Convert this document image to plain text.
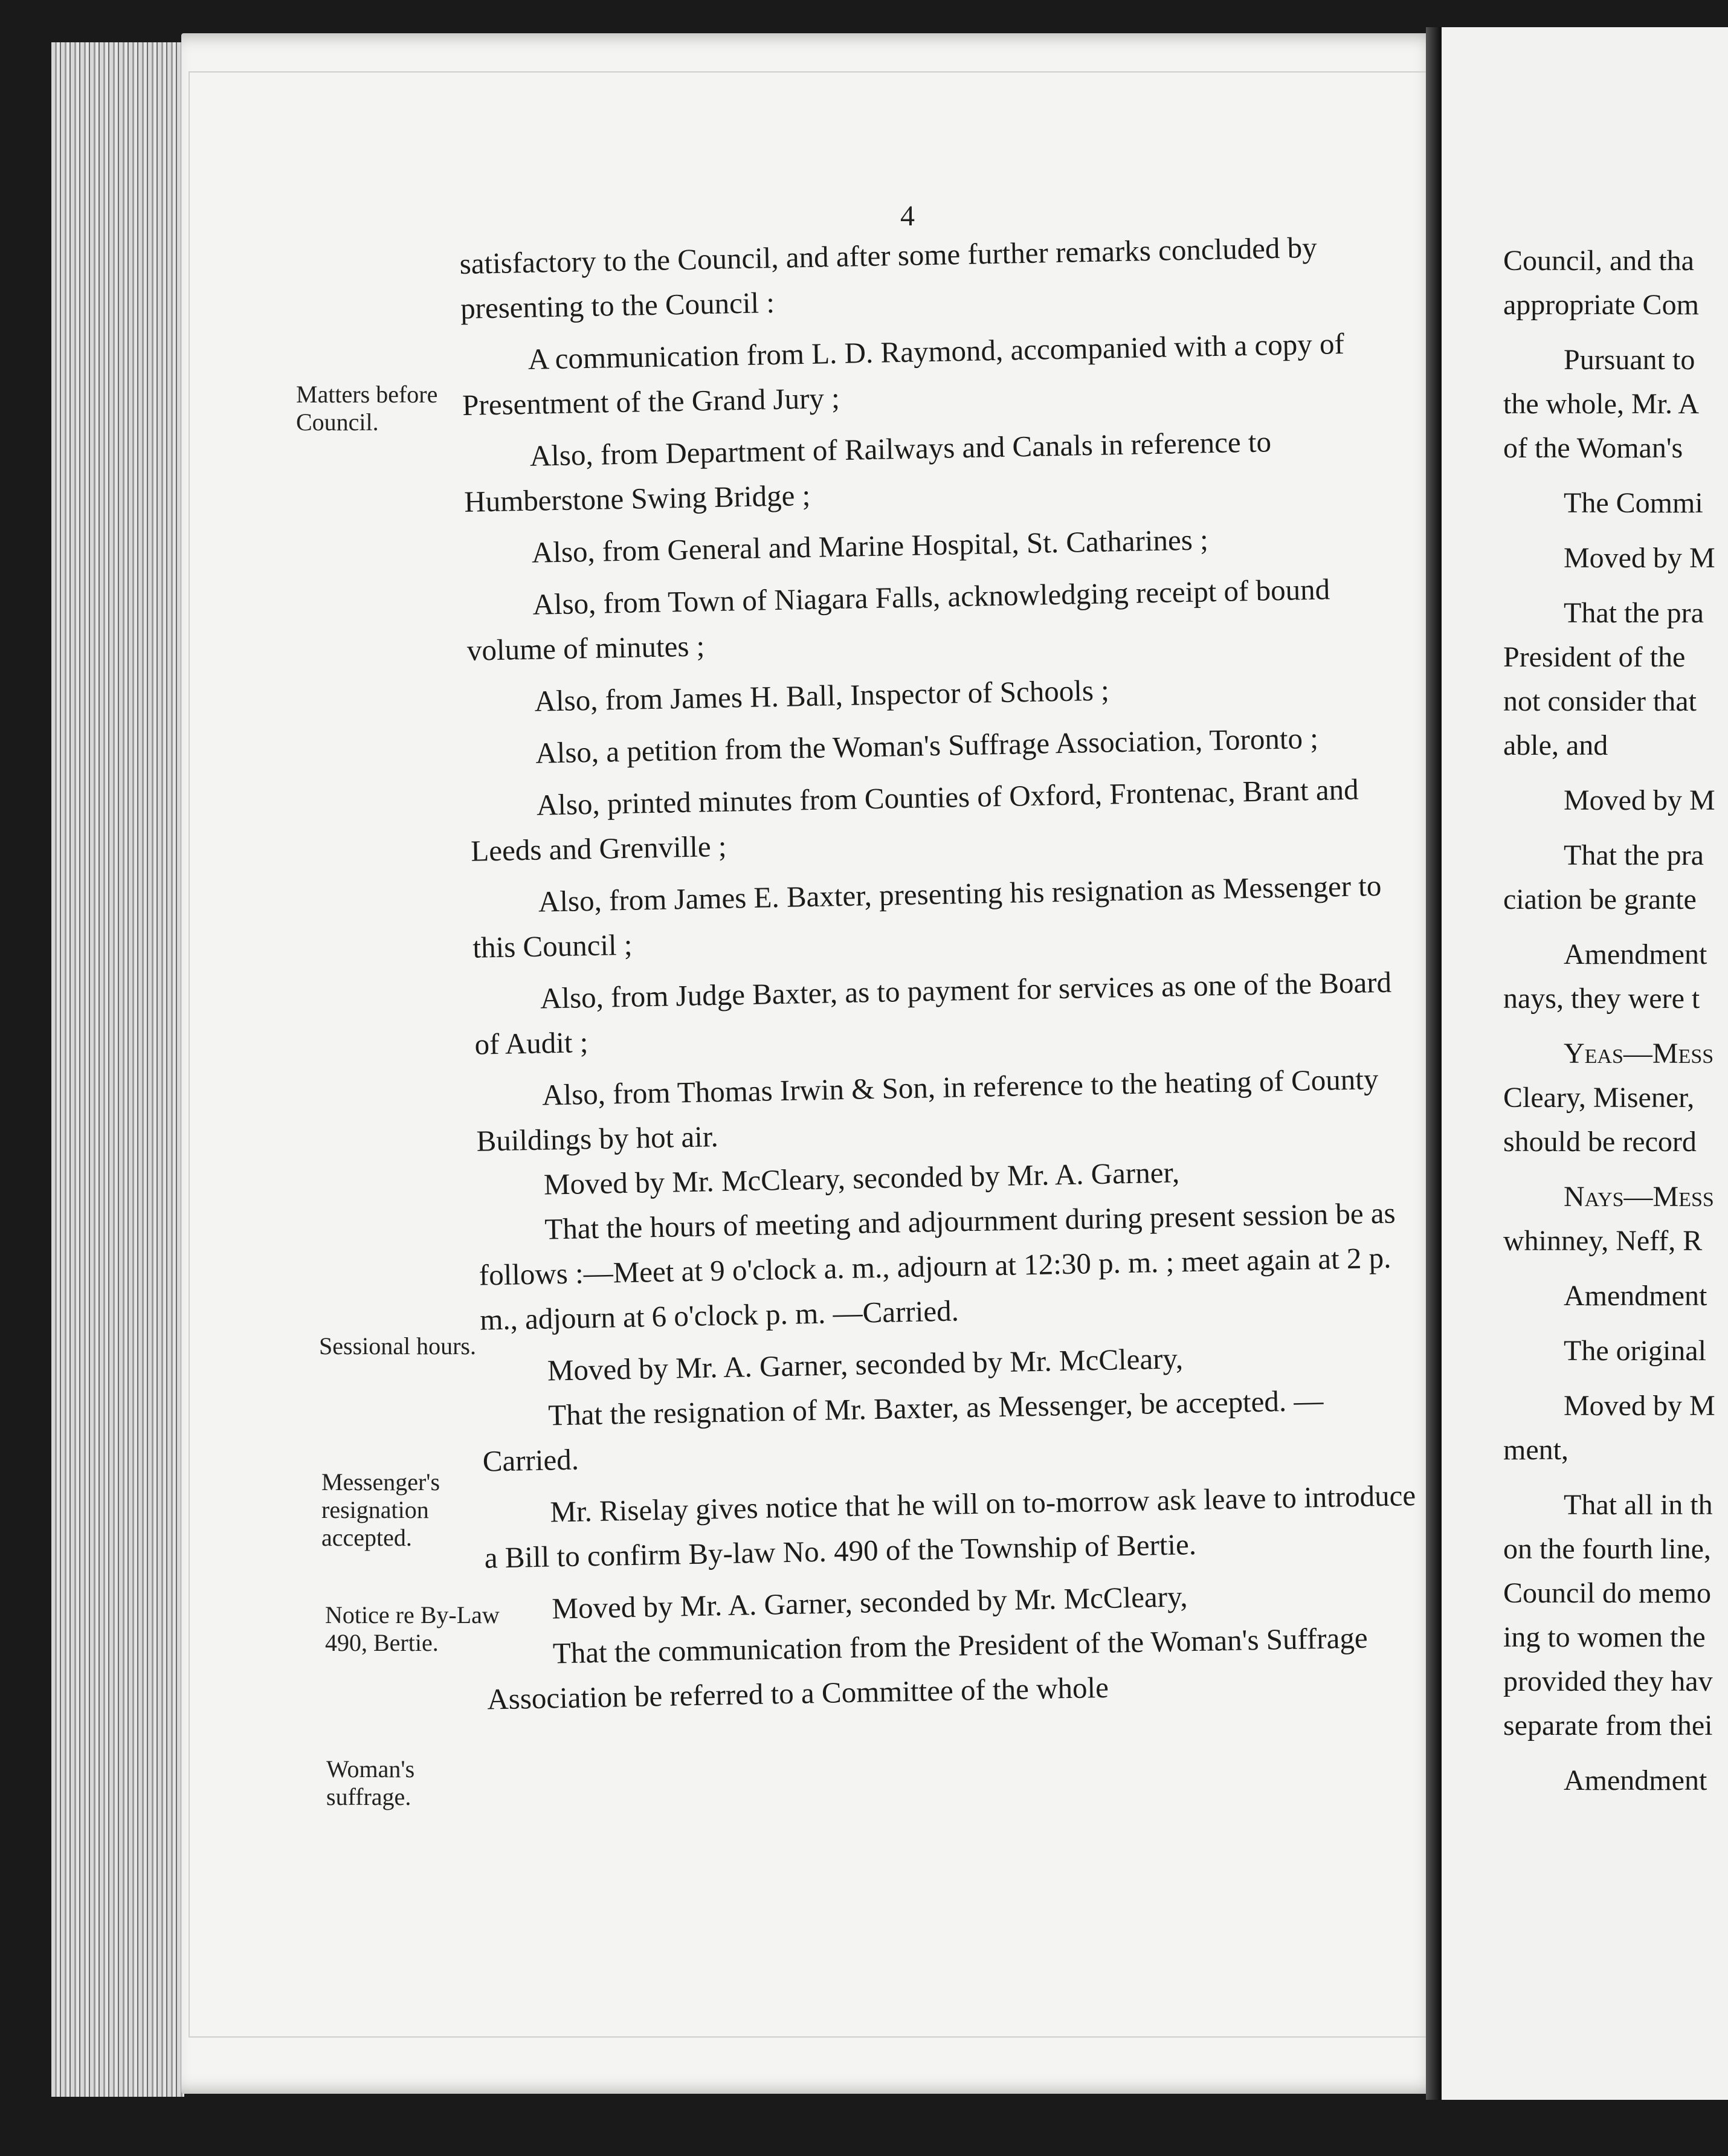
4
Matters before Council.
Sessional hours.
Messenger's resignation accepted.
Notice re By-Law 490, Bertie.
Woman's suffrage.

satisfactory to the Council, and after some further remarks concluded by presenting to the Council :

A communication from L. D. Raymond, accompanied with a copy of Presentment of the Grand Jury ;

Also, from Department of Railways and Canals in reference to Humberstone Swing Bridge ;

Also, from General and Marine Hospital, St. Catharines ;

Also, from Town of Niagara Falls, acknowledging receipt of bound volume of minutes ;

Also, from James H. Ball, Inspector of Schools ;

Also, a petition from the Woman's Suffrage Association, Toronto ;

Also, printed minutes from Counties of Oxford, Frontenac, Brant and Leeds and Grenville ;

Also, from James E. Baxter, presenting his resignation as Messenger to this Council ;

Also, from Judge Baxter, as to payment for services as one of the Board of Audit ;

Also, from Thomas Irwin & Son, in reference to the heating of County Buildings by hot air.

Moved by Mr. McCleary, seconded by Mr. A. Garner,

That the hours of meeting and adjournment during present session be as follows :—Meet at 9 o'clock a. m., adjourn at 12:30 p. m. ; meet again at 2 p. m., adjourn at 6 o'clock p. m. —Carried.

Moved by Mr. A. Garner, seconded by Mr. McCleary,

That the resignation of Mr. Baxter, as Messenger, be accepted. —Carried.

Mr. Riselay gives notice that he will on to-morrow ask leave to introduce a Bill to confirm By-law No. 490 of the Township of Bertie.

Moved by Mr. A. Garner, seconded by Mr. McCleary,

That the communication from the President of the Woman's Suffrage Association be referred to a Committee of the whole

Council, and tha

appropriate Com

Pursuant to

the whole, Mr. A

of the Woman's

The Commi

Moved by M

That the pra

President of the

not consider that

able, and

Moved by M

That the pra

ciation be grante

Amendment

nays, they were t

Yeas—Mess

Cleary, Misener,

should be record

Nays—Mess

whinney, Neff, R

Amendment

The original

Moved by M

ment,

That all in th

on the fourth line,

Council do memo

ing to women the

provided they hav

separate from thei

Amendment
